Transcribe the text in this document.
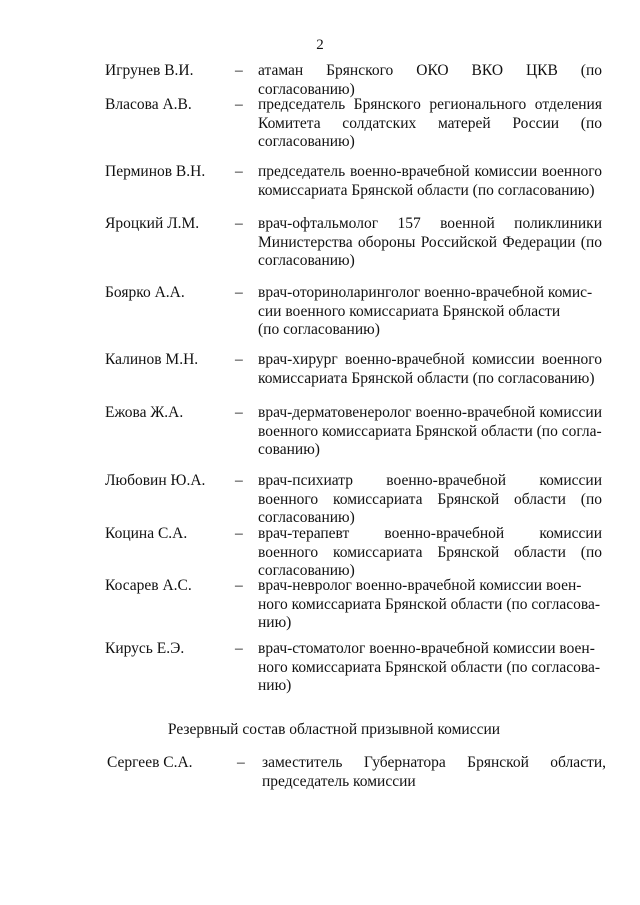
2
Игрунев В.И.	– атаман Брянского ОКО ВКО ЦКВ (по согласованию)
Власова А.В.	– председатель Брянского регионального отделения Комитета солдатских матерей России (по согласованию)
Перминов В.Н. – председатель военно-врачебной комиссии военного комиссариата Брянской области (по согласованию)
Яроцкий Л.М. – врач-офтальмолог 157 военной поликлиники Министерства обороны Российской Федерации (по согласованию)
Боярко А.А.	– врач-оториноларинголог военно-врачебной комис-
сии военного комиссариата Брянской области
(по согласованию)
Калинов М.Н. – врач-хирург военно-врачебной комиссии военного комиссариата Брянской области (по согласованию)
Ежова Ж.А.	– врач-дерматовенеролог военно-врачебной комиссии военного комиссариата Брянской области (по согла-
сованию)
Любовин Ю.А. – врач-психиатр военно-врачебной комиссии военного комиссариата Брянской области (по согласованию)
Коцина С.А.	– врач-терапевт военно-врачебной комиссии военного комиссариата Брянской области (по согласованию)
Косарев А.С.	– врач-невролог военно-врачебной комиссии воен-
ного комиссариата Брянской области (по согласова-
нию)
Кирусь Е.Э.	– врач-стоматолог военно-врачебной комиссии воен-
ного комиссариата Брянской области (по согласова-
нию)
Резервный состав областной призывной комиссии
Сергеев С.А.	– заместитель Губернатора Брянской области, председатель комиссии
